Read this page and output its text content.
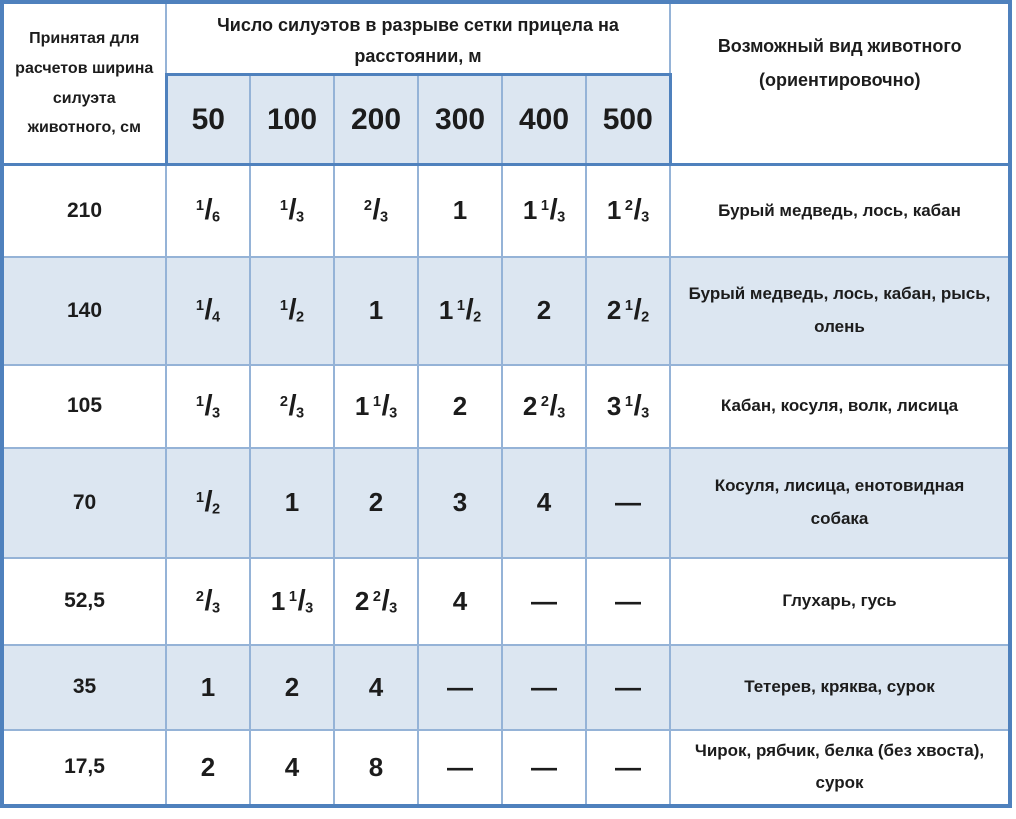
Принятая для расчетов ширина силуэта животного, см	Число силуэтов в разрыве сетки прицела на расстоянии, м						Возможный вид животного (ориентировочно)
	50	100	200	300	400	500	
210	$^1$/6	$^1$/3	$^2$/3	1	1 $^1$/3	1 $^2$/3	Бурый медведь, лось, кабан
140	$^1$/4	$^1$/2	1	1 $^1$/2	2	2 $^1$/2	Бурый медведь, лось, кабан, рысь, олень
105	$^1$/3	$^2$/3	1 $^1$/3	2	2 $^2$/3	3 $^1$/3	Кабан, косуля, волк, лисица
70	$^1$/2	1	2	3	4	—	Косуля, лисица, енотовидная собака
52,5	$^2$/3	1 $^1$/3	2 $^2$/3	4	—	—	Глухарь, гусь
35	1	2	4	—	—	—	Тетерев, кряква, сурок
17,5	2	4	8	—	—	—	Чирок, рябчик, белка (без хвоста), сурок
